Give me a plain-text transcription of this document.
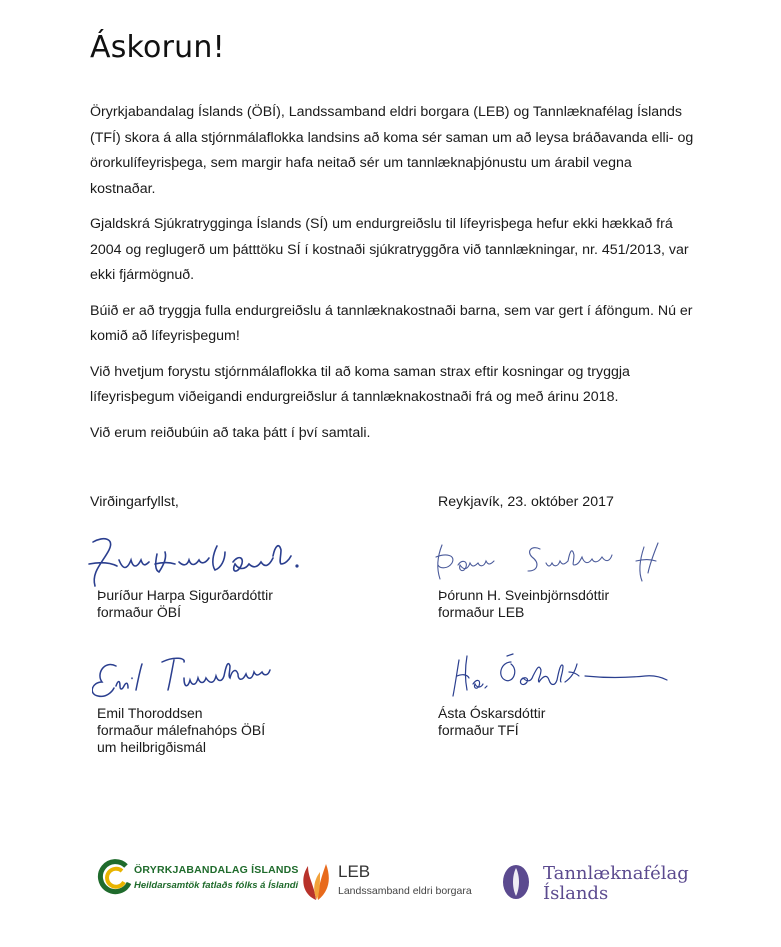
Áskorun!

Öryrkjabandalag Íslands (ÖBÍ), Landssamband eldri borgara (LEB) og Tannlæknafélag Íslands (TFÍ) skora á alla stjórnmálaflokka landsins að koma sér saman um að leysa bráðavanda elli- og örorkulífeyrisþega, sem margir hafa neitað sér um tannlæknaþjónustu um árabil vegna kostnaðar.

Gjaldskrá Sjúkratrygginga Íslands (SÍ) um endurgreiðslu til lífeyrisþega hefur ekki hækkað frá 2004 og reglugerð um þátttöku SÍ í kostnaði sjúkratryggðra við tannlækningar, nr. 451/2013, var ekki fjármögnuð.

Búið er að tryggja fulla endurgreiðslu á tannlæknakostnaði barna, sem var gert í áföngum. Nú er komið að lífeyrisþegum!

Við hvetjum forystu stjórnmálaflokka til að koma saman strax eftir kosningar og tryggja lífeyrisþegum viðeigandi endurgreiðslur á tannlæknakostnaði frá og með árinu 2018.

Við erum reiðubúin að taka þátt í því samtali.

Virðingarfyllst,	Reykjavík, 23. október 2017
Þuríður Harpa Sigurðardóttir
formaður ÖBÍ
Þórunn H. Sveinbjörnsdóttir
formaður LEB
Emil Thoroddsen
formaður málefnahóps ÖBÍ
um heilbrigðismál
Ásta Óskarsdóttir
formaður TFÍ
ÖRYRKJABANDALAG ÍSLANDS
Heildarsamtök fatlaðs fólks á Íslandi
LEB
Landssamband eldri borgara
Tannlæknafélag
Íslands
